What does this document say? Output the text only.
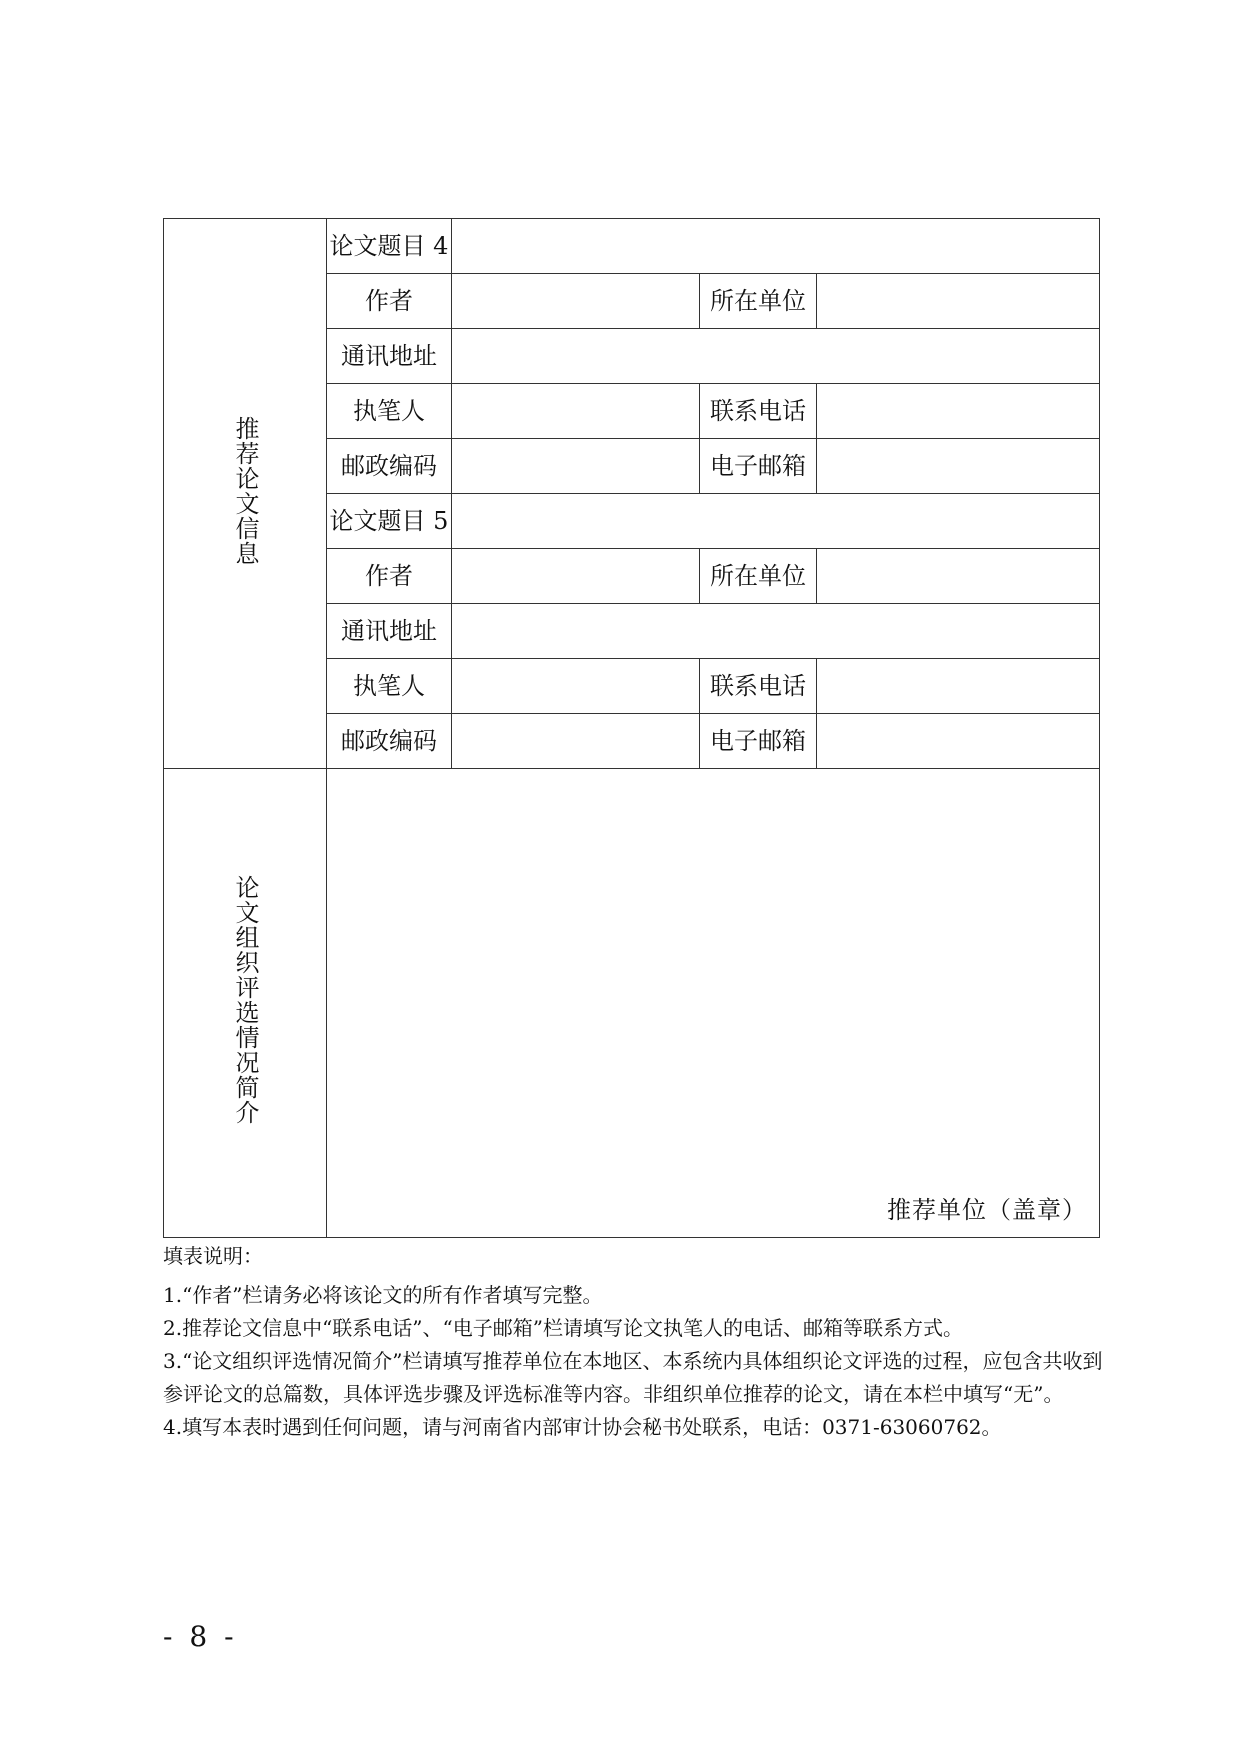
推荐论文信息	论文题目 4			
	作者		所在单位	
	通讯地址			
	执笔人		联系电话	
	邮政编码		电子邮箱	
	论文题目 5			
	作者		所在单位	
	通讯地址			
	执笔人		联系电话	
	邮政编码		电子邮箱	
论文组织评选情况简介	推荐单位（盖章）			

填表说明：

1.“作者”栏请务必将该论文的所有作者填写完整。

2.推荐论文信息中“联系电话”、“电子邮箱”栏请填写论文执笔人的电话、邮箱等联系方式。

3.“论文组织评选情况简介”栏请填写推荐单位在本地区、本系统内具体组织论文评选的过程，应包含共收到参评论文的总篇数，具体评选步骤及评选标准等内容。非组织单位推荐的论文，请在本栏中填写“无”。

4.填写本表时遇到任何问题，请与河南省内部审计协会秘书处联系，电话：0371-63060762。

- 8 -
